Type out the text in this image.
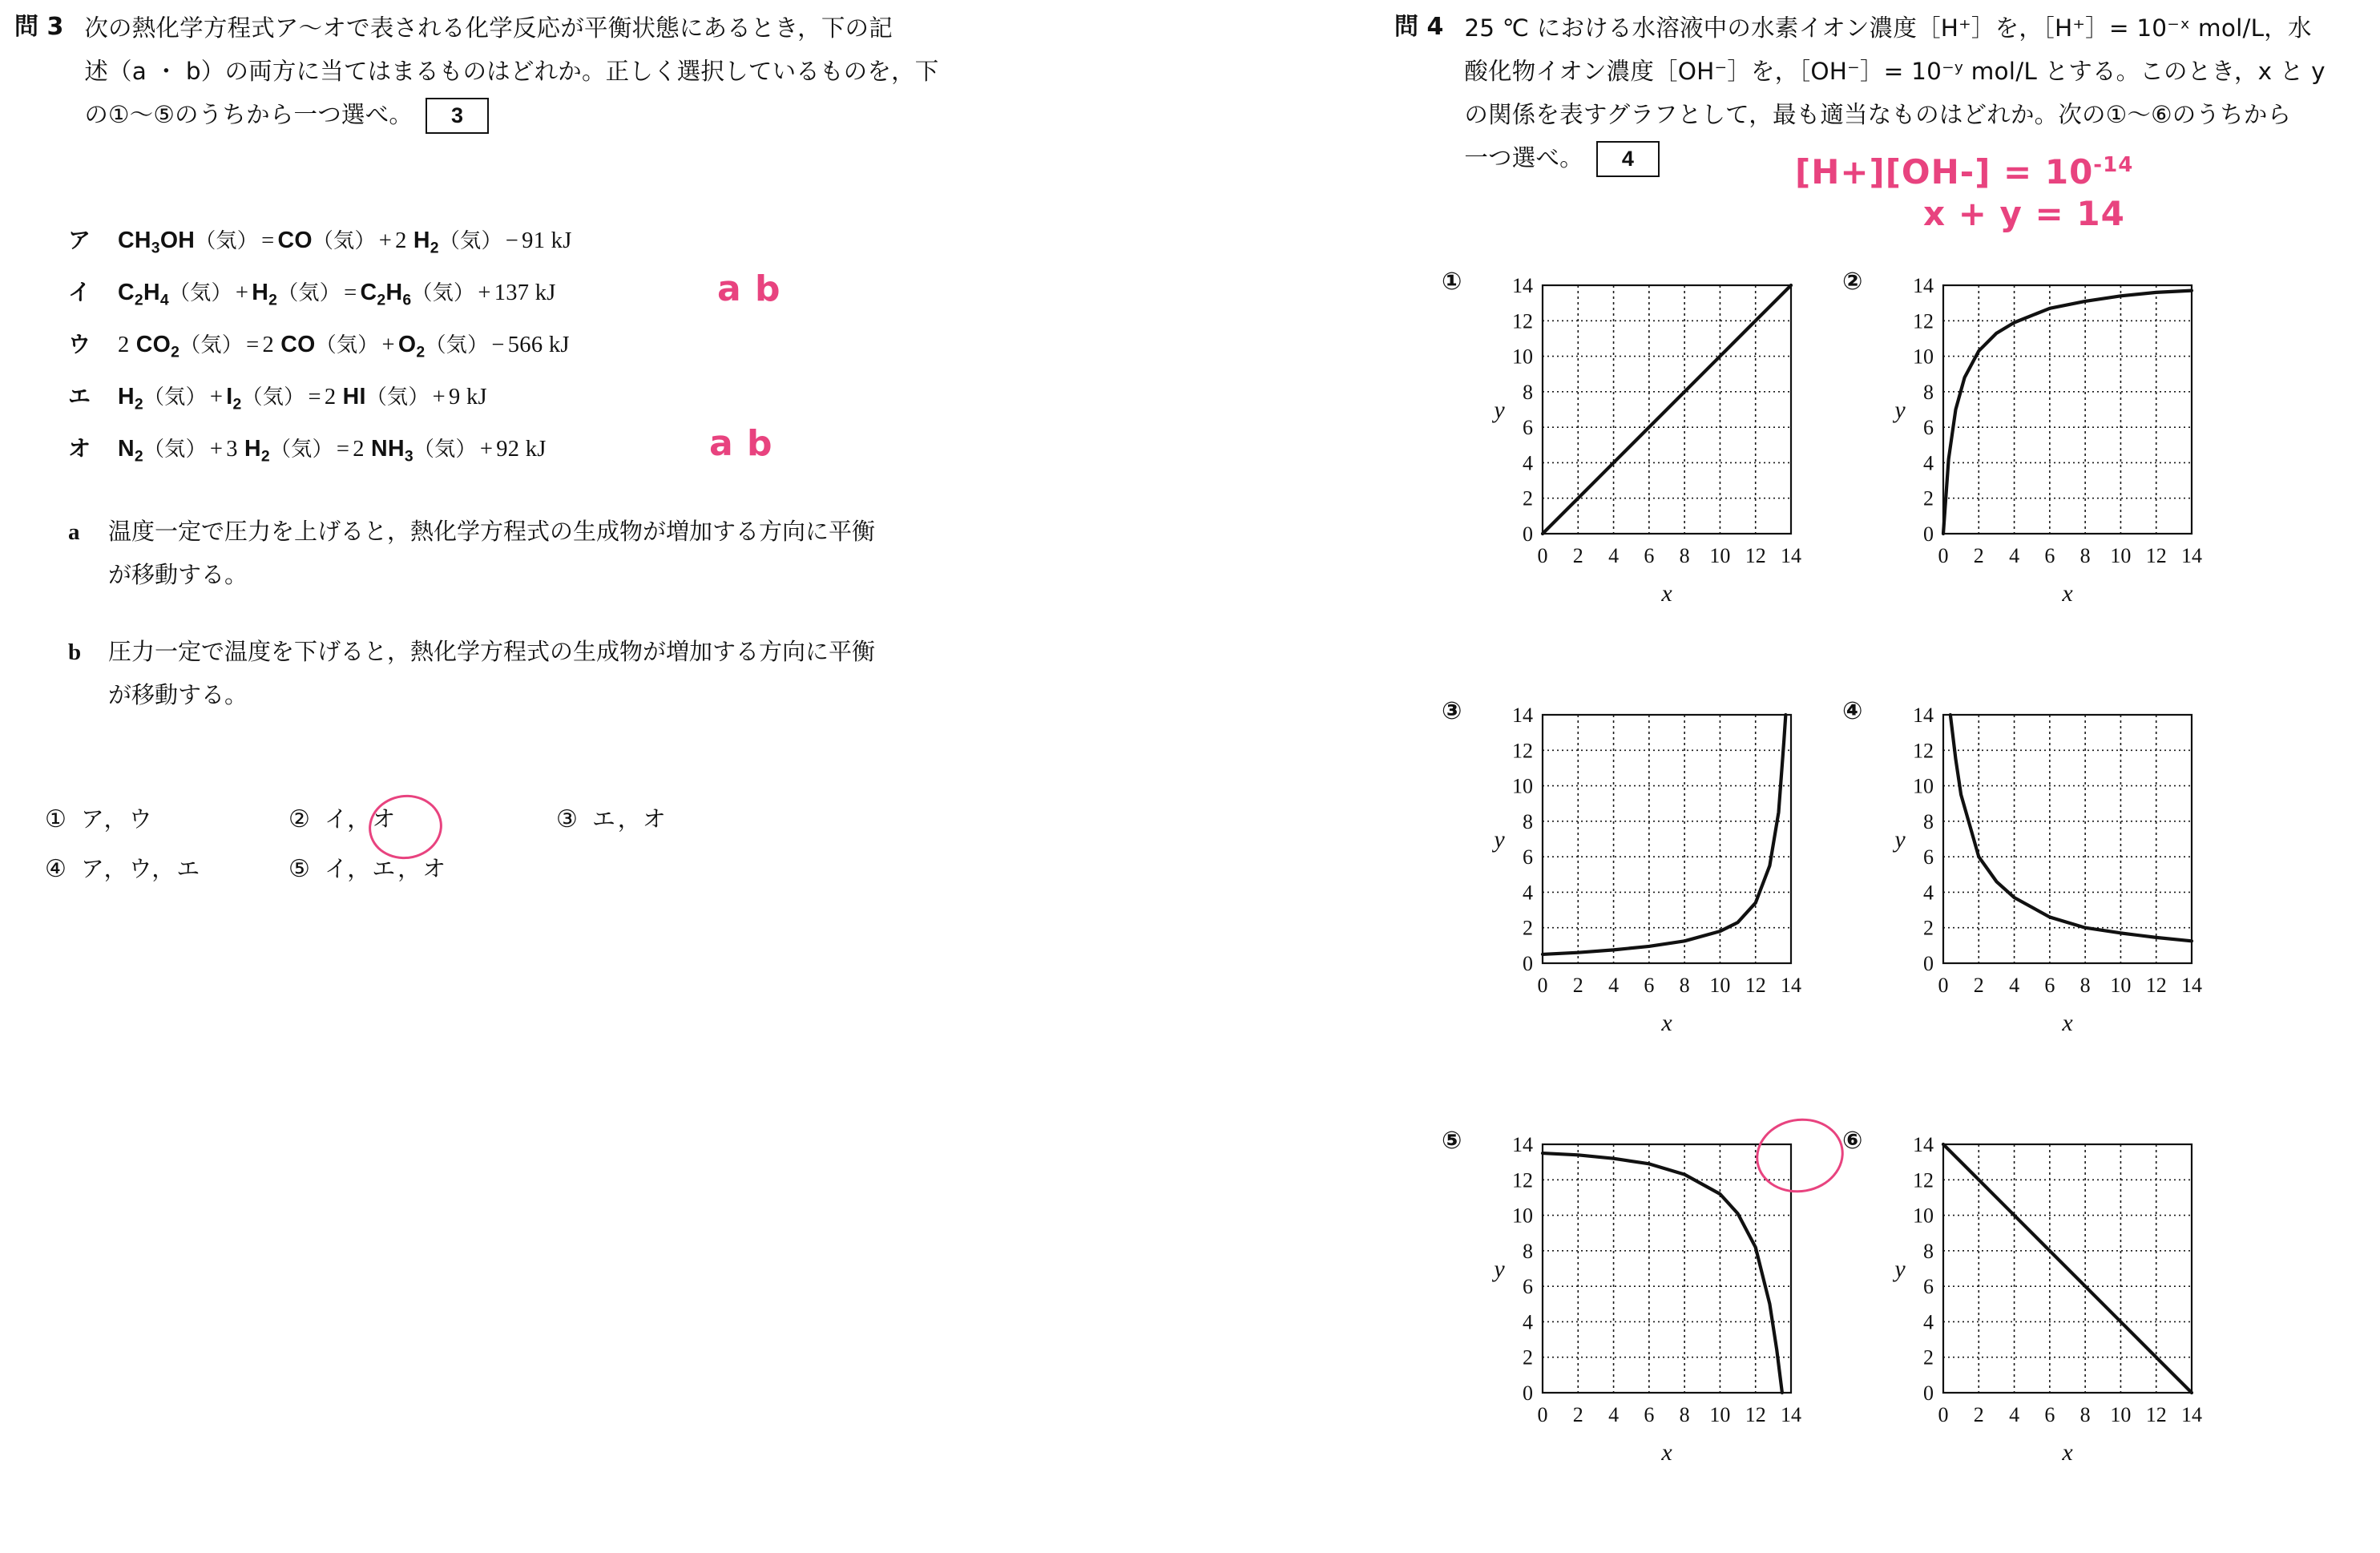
問 3 次の熱化学方程式ア～オで表される化学反応が平衡状態にあるとき，下の記
述（a ・ b）の両方に当てはまるものはどれか。正しく選択しているものを，下
の①～⑤のうちから一つ選べ。 3
ア $CH_3OH$（気） = CO（気） + 2 $H_2$（気） − 91 kJ
イ $C_2H_4$（気） + $H_2$（気） = $C_2H_6$（気） + 137 kJ	a b
ウ 2 $CO_2$（気） = 2 CO（気） + $O_2$（気） − 566 kJ
エ $H_2$（気） + $I_2$（気） = 2 HI（気） + 9 kJ
オ $N_2$（気） + 3 $H_2$（気） = 2 $NH_3$（気） + 92 kJ	a b
a 温度一定で圧力を上げると，熱化学方程式の生成物が増加する方向に平衡
が移動する。
b 圧力一定で温度を下げると，熱化学方程式の生成物が増加する方向に平衡
が移動する。
① ア，ウ	② イ，オ	③ エ，オ
④ ア，ウ，エ	⑤ イ，エ，オ
問 4 25 ℃ における水溶液中の水素イオン濃度［H⁺］を，［H⁺］= 10⁻ˣ mol/L，水
酸化物イオン濃度［OH⁻］を，［OH⁻］= 10⁻ʸ mol/L とする。このとき，x と y
の関係を表すグラフとして，最も適当なものはどれか。次の①～⑥のうちから
一つ選べ。 4	$[H+][OH-] = 10^{-14}$
x + y = 14
①
0
2
4
6
8
10
12
14
0 2 4 6 8 10 12 14
y
x
②
0
2
4
6
8
10
12
14
0 2 4 6 8 10 12 14
y
x
③
0
2
4
6
8
10
12
14
0 2 4 6 8 10 12 14
y
x
④
0
2
4
6
8
10
12
14
0 2 4 6 8 10 12 14
y
x
⑤
0
2
4
6
8
10
12
14
0 2 4 6 8 10 12 14
y
x
⑥
0
2
4
6
8
10
12
14
0 2 4 6 8 10 12 14
y
x
